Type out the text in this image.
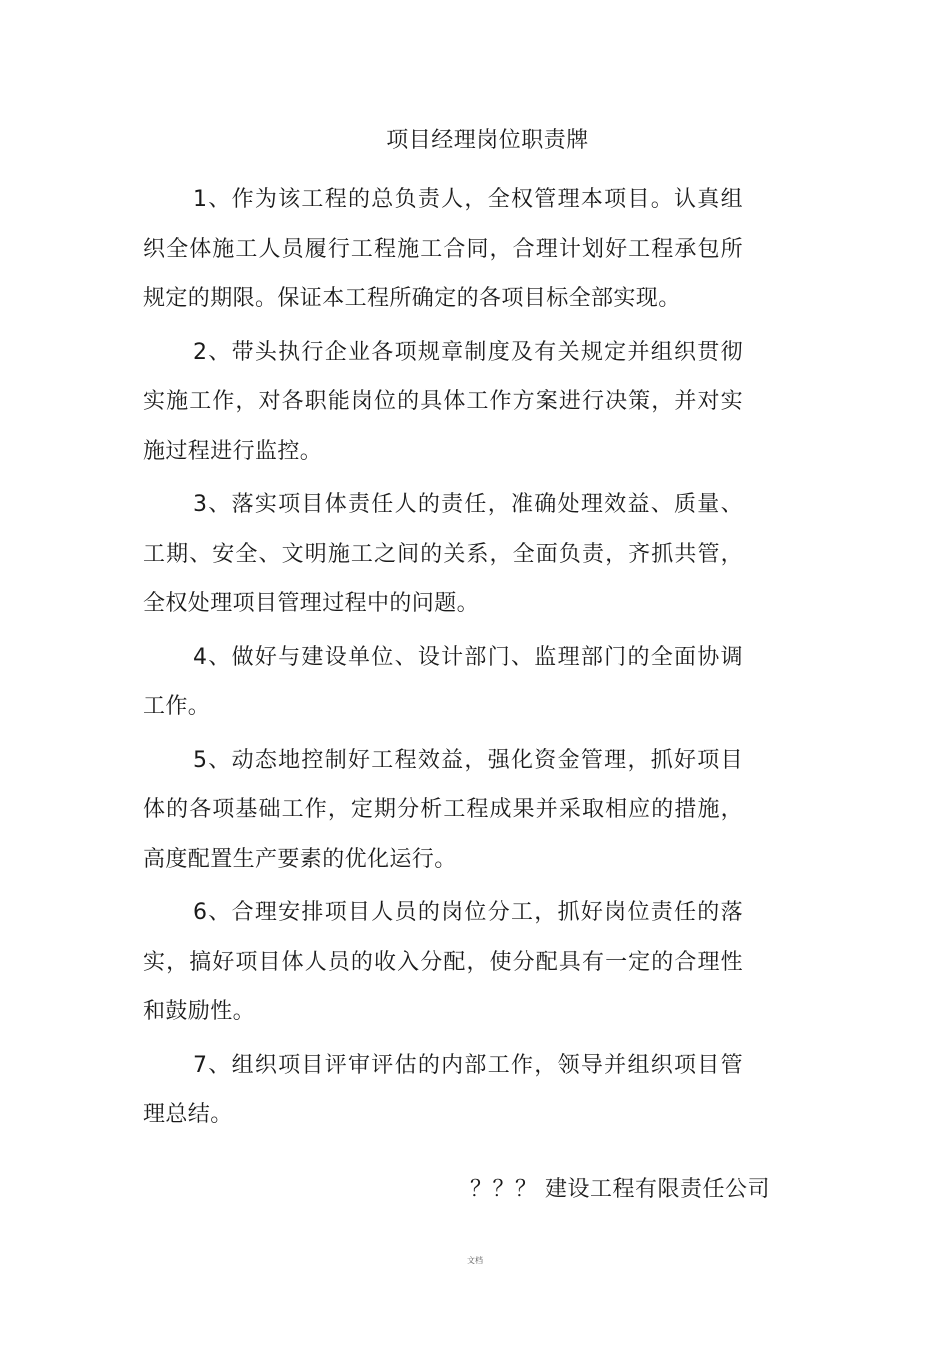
项目经理岗位职责牌

1、作为该工程的总负责人，全权管理本项目。认真组织全体施工人员履行工程施工合同，合理计划好工程承包所规定的期限。保证本工程所确定的各项目标全部实现。

2、带头执行企业各项规章制度及有关规定并组织贯彻实施工作，对各职能岗位的具体工作方案进行决策，并对实施过程进行监控。

3、落实项目体责任人的责任，准确处理效益、质量、工期、安全、文明施工之间的关系，全面负责，齐抓共管，全权处理项目管理过程中的问题。

4、做好与建设单位、设计部门、监理部门的全面协调工作。

5、动态地控制好工程效益，强化资金管理，抓好项目体的各项基础工作，定期分析工程成果并采取相应的措施，高度配置生产要素的优化运行。

6、合理安排项目人员的岗位分工，抓好岗位责任的落实，搞好项目体人员的收入分配，使分配具有一定的合理性和鼓励性。

7、组织项目评审评估的内部工作，领导并组织项目管理总结。

？？？ 建设工程有限责任公司
文档
